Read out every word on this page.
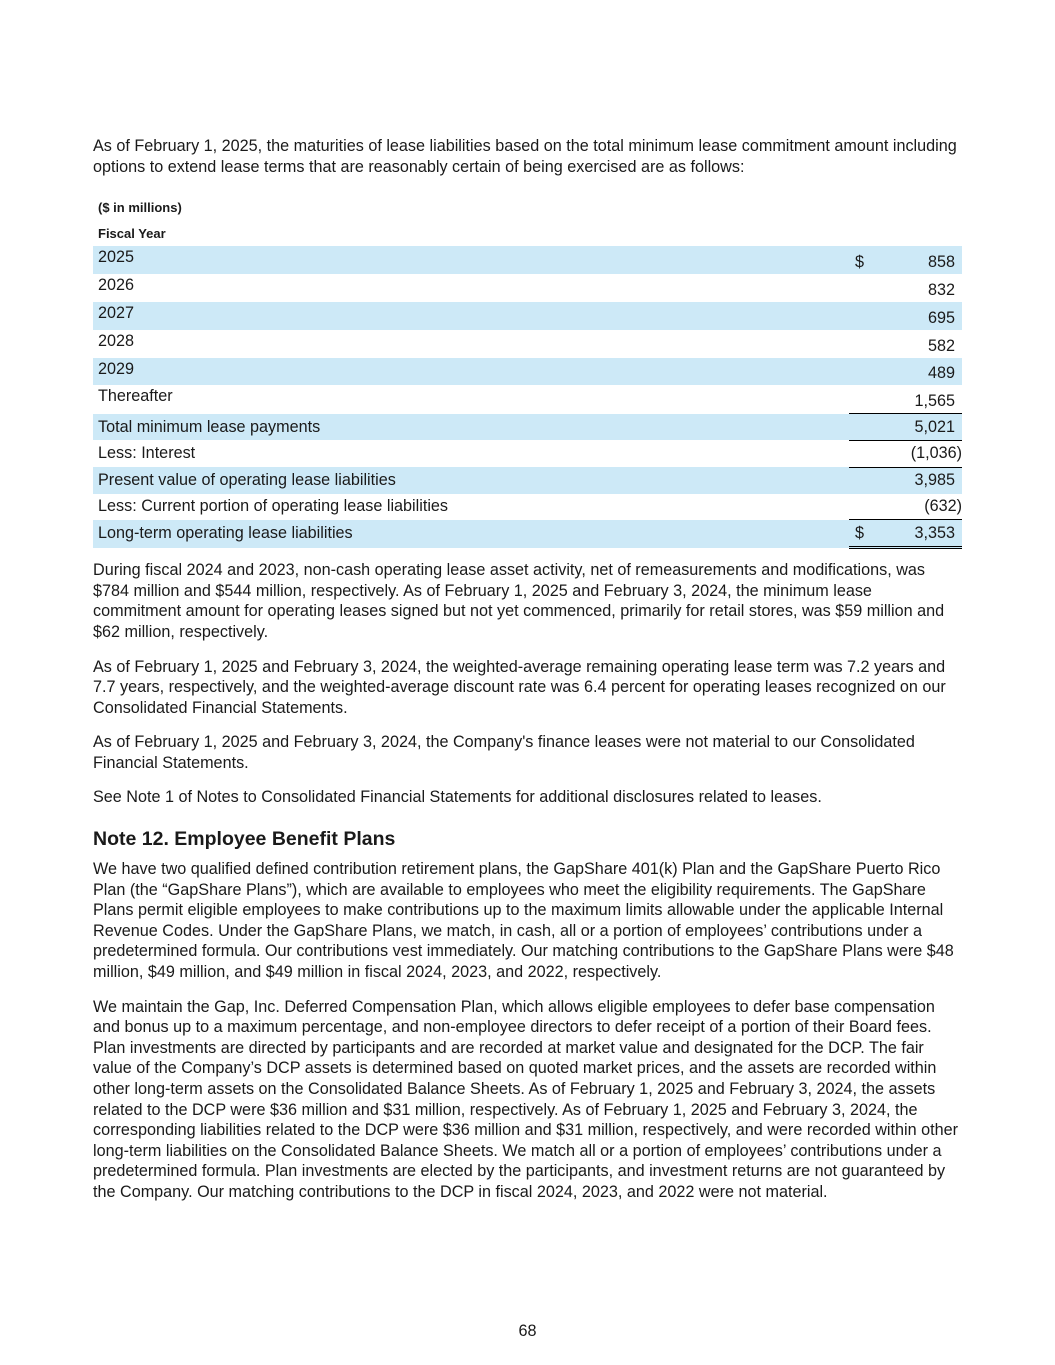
As of February 1, 2025, the maturities of lease liabilities based on the total minimum lease commitment amount including options to extend lease terms that are reasonably certain of being exercised are as follows:

($ in millions)
Fiscal Year
2025	$	858
2026		832
2027		695
2028		582
2029		489
Thereafter		1,565
Total minimum lease payments		5,021
Less: Interest		(1,036)
Present value of operating lease liabilities		3,985
Less: Current portion of operating lease liabilities		(632)
Long-term operating lease liabilities	$	3,353

During fiscal 2024 and 2023, non-cash operating lease asset activity, net of remeasurements and modifications, was $784 million and $544 million, respectively. As of February 1, 2025 and February 3, 2024, the minimum lease commitment amount for operating leases signed but not yet commenced, primarily for retail stores, was $59 million and $62 million, respectively.

As of February 1, 2025 and February 3, 2024, the weighted-average remaining operating lease term was 7.2 years and 7.7 years, respectively, and the weighted-average discount rate was 6.4 percent for operating leases recognized on our Consolidated Financial Statements.

As of February 1, 2025 and February 3, 2024, the Company's finance leases were not material to our Consolidated Financial Statements.

See Note 1 of Notes to Consolidated Financial Statements for additional disclosures related to leases.

Note 12. Employee Benefit Plans

We have two qualified defined contribution retirement plans, the GapShare 401(k) Plan and the GapShare Puerto Rico Plan (the “GapShare Plans”), which are available to employees who meet the eligibility requirements. The GapShare Plans permit eligible employees to make contributions up to the maximum limits allowable under the applicable Internal Revenue Codes. Under the GapShare Plans, we match, in cash, all or a portion of employees’ contributions under a predetermined formula. Our contributions vest immediately. Our matching contributions to the GapShare Plans were $48 million, $49 million, and $49 million in fiscal 2024, 2023, and 2022, respectively.

We maintain the Gap, Inc. Deferred Compensation Plan, which allows eligible employees to defer base compensation and bonus up to a maximum percentage, and non-employee directors to defer receipt of a portion of their Board fees. Plan investments are directed by participants and are recorded at market value and designated for the DCP. The fair value of the Company’s DCP assets is determined based on quoted market prices, and the assets are recorded within other long-term assets on the Consolidated Balance Sheets. As of February 1, 2025 and February 3, 2024, the assets related to the DCP were $36 million and $31 million, respectively. As of February 1, 2025 and February 3, 2024, the corresponding liabilities related to the DCP were $36 million and $31 million, respectively, and were recorded within other long-term liabilities on the Consolidated Balance Sheets. We match all or a portion of employees’ contributions under a predetermined formula. Plan investments are elected by the participants, and investment returns are not guaranteed by the Company. Our matching contributions to the DCP in fiscal 2024, 2023, and 2022 were not material.

68
